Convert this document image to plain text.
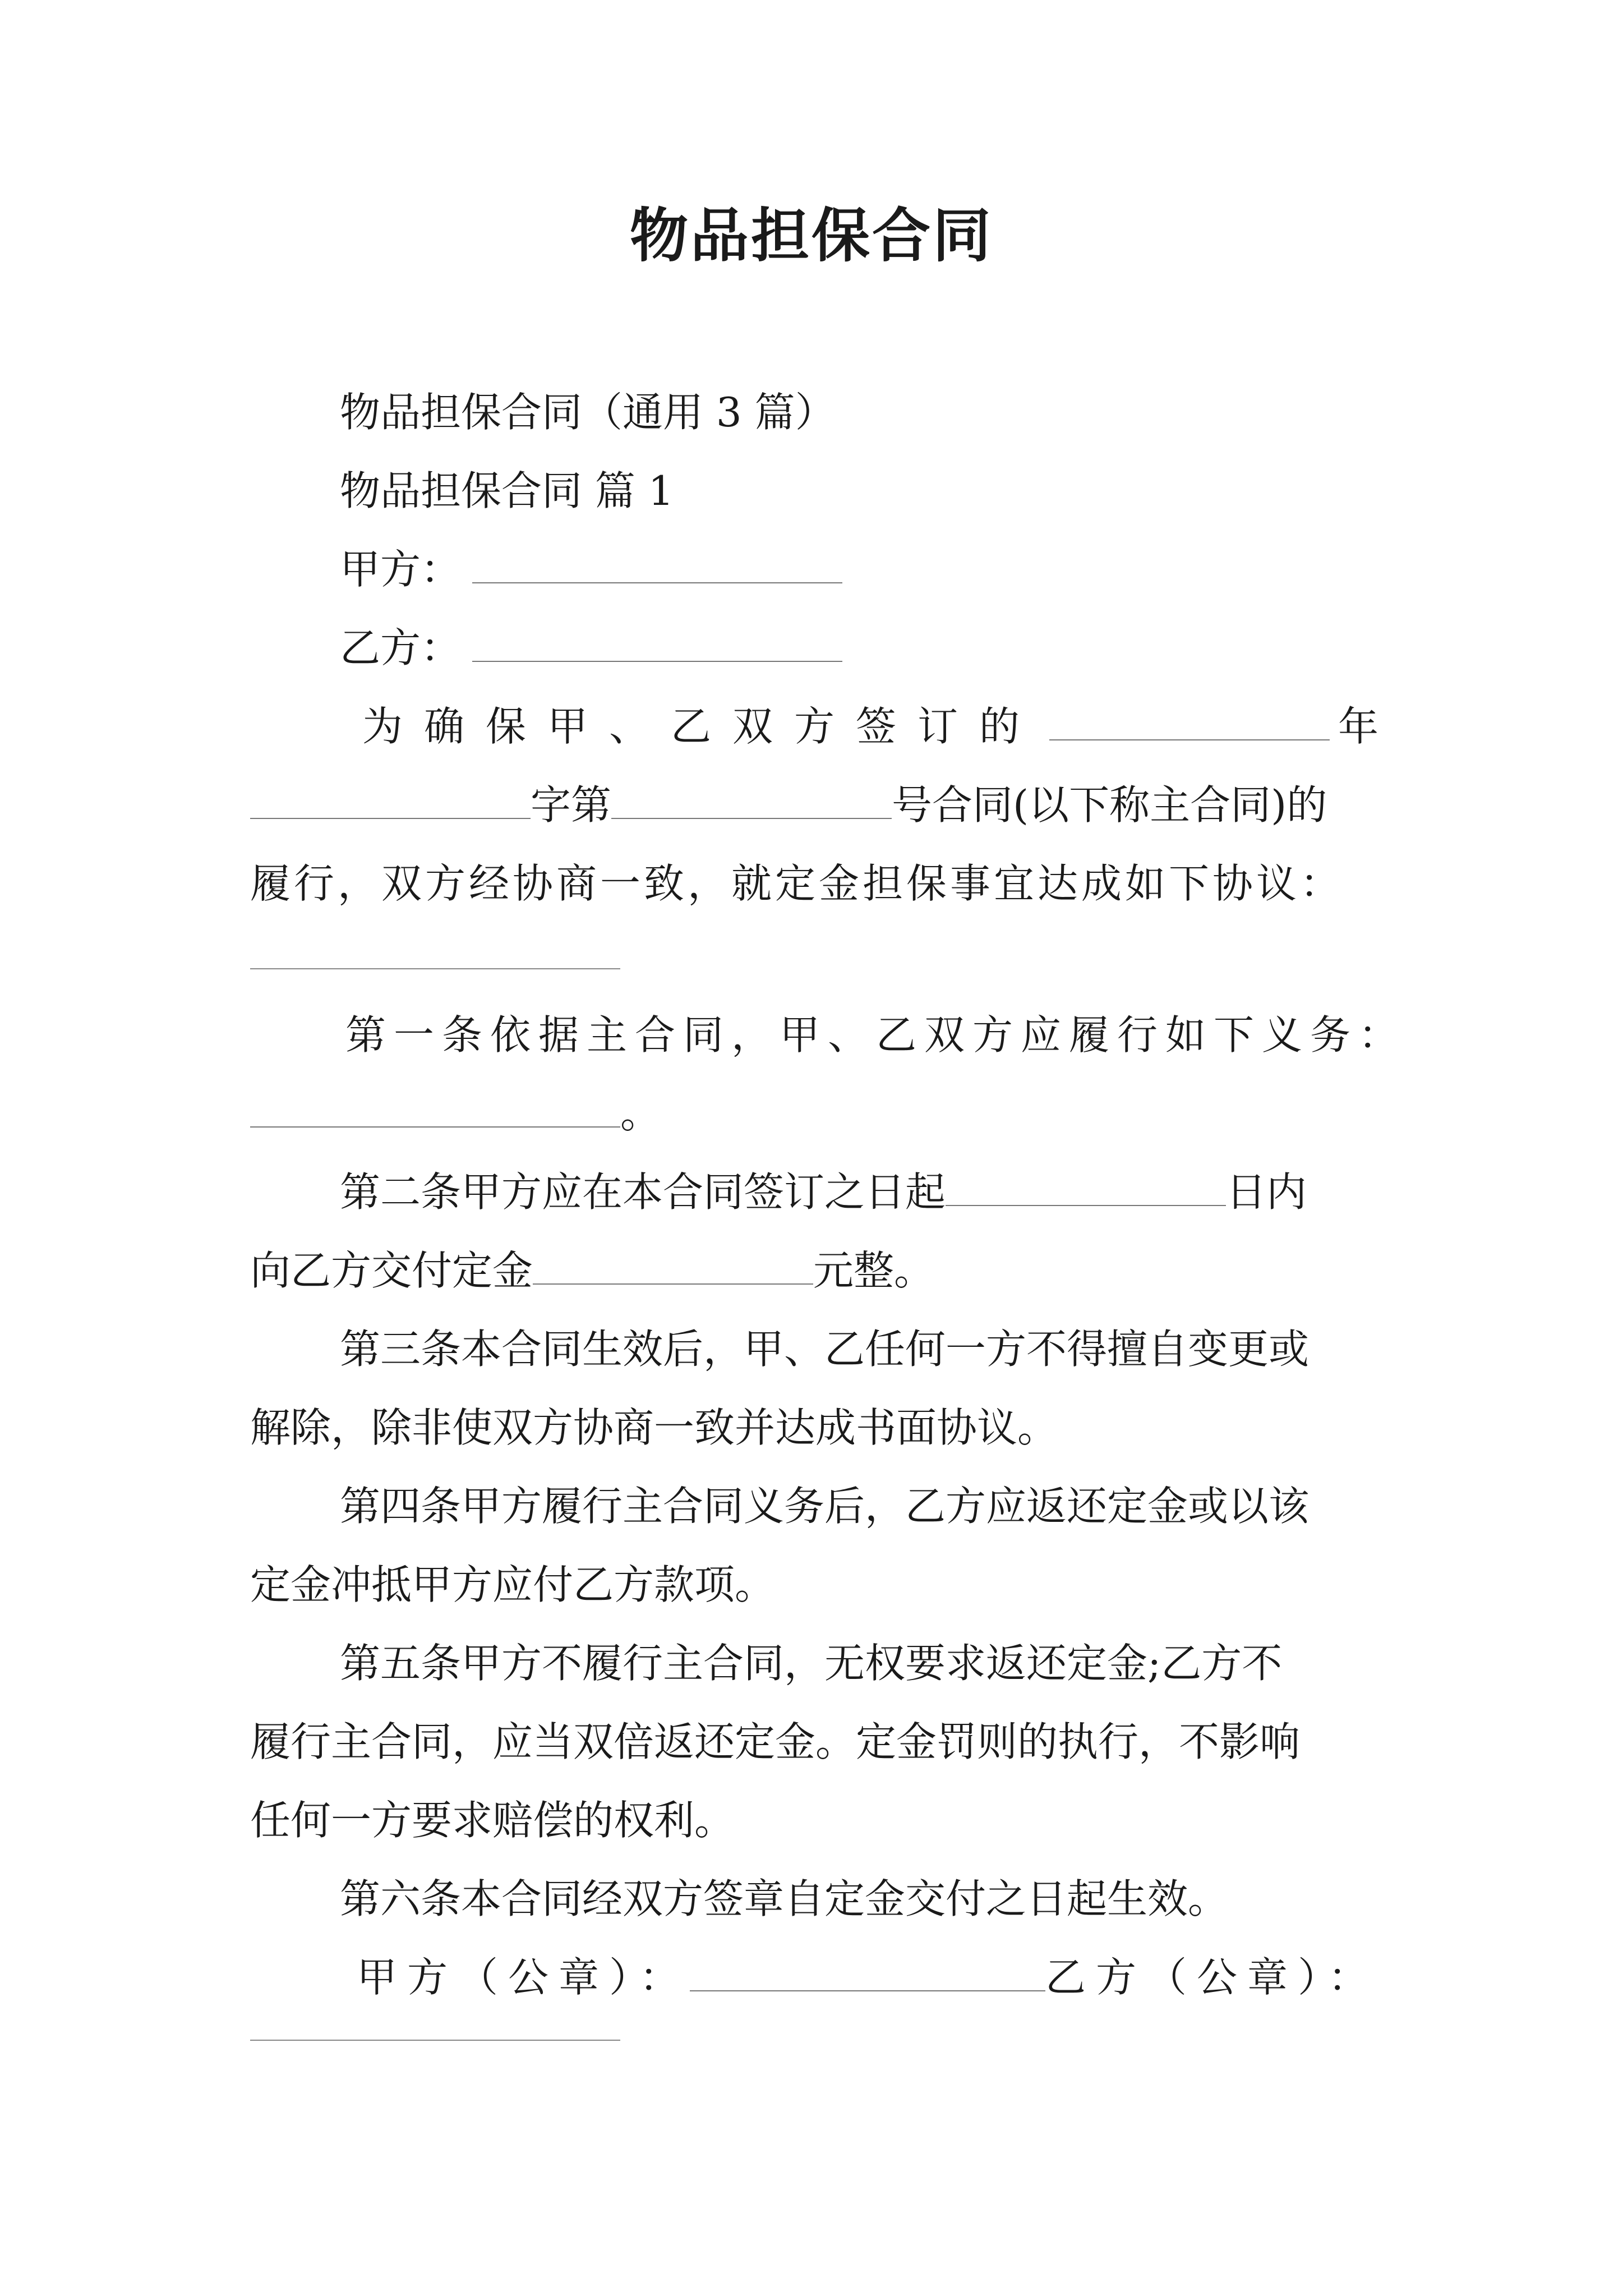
物品担保合同
物品担保合同（通用 3 篇）
物品担保合同 篇 1
甲方：
乙方：
为确保甲、乙双方签订的	年
字第	号合同(以下称主合同)的
履行，双方经协商一致，就定金担保事宜达成如下协议：
第一条依据主合同，甲、乙双方应履行如下义务：
。
第二条甲方应在本合同签订之日起	日内
向乙方交付定金	元整。
第三条本合同生效后，甲、乙任何一方不得擅自变更或
解除，除非使双方协商一致并达成书面协议。
第四条甲方履行主合同义务后，乙方应返还定金或以该
定金冲抵甲方应付乙方款项。
第五条甲方不履行主合同，无权要求返还定金;乙方不
履行主合同，应当双倍返还定金。定金罚则的执行，不影响
任何一方要求赔偿的权利。
第六条本合同经双方签章自定金交付之日起生效。
甲方（公章）：	乙方（公章）：
